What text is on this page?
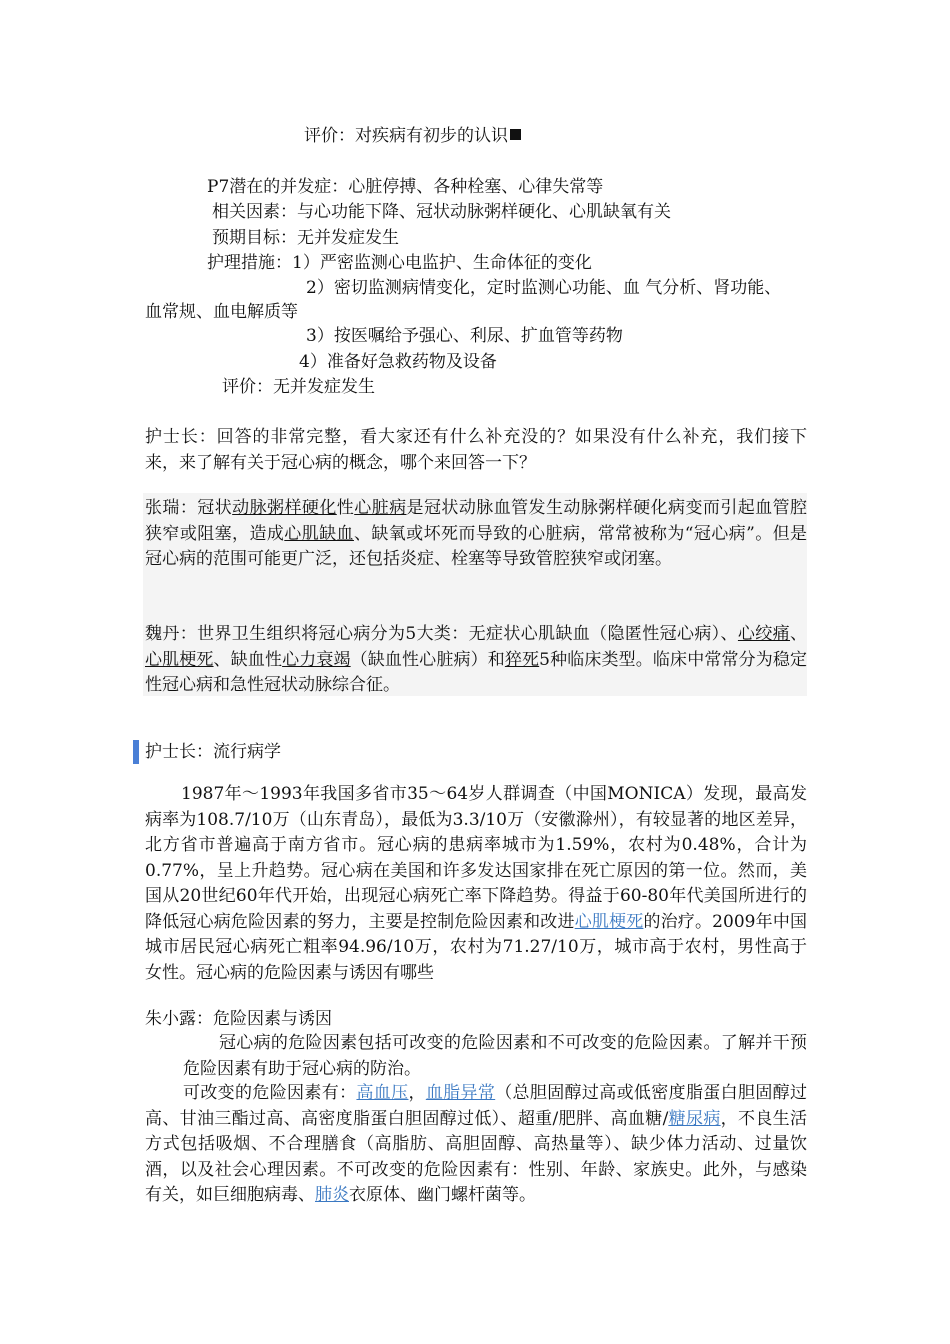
评价：对疾病有初步的认识
P7潜在的并发症：心脏停搏、各种栓塞、心律失常等
相关因素：与心功能下降、冠状动脉粥样硬化、心肌缺氧有关
预期目标：无并发症发生
护理措施：1）严密监测心电监护、生命体征的变化
2）密切监测病情变化，定时监测心功能、血 气分析、肾功能、
血常规、血电解质等
3）按医嘱给予强心、利尿、扩血管等药物
4）准备好急救药物及设备
评价：无并发症发生
护士长：回答的非常完整，看大家还有什么补充没的？如果没有什么补充，我们接下来，来了解有关于冠心病的概念，哪个来回答一下？
张瑞：冠状动脉粥样硬化性心脏病是冠状动脉血管发生动脉粥样硬化病变而引起血管腔狭窄或阻塞，造成心肌缺血、缺氧或坏死而导致的心脏病，常常被称为“冠心病”。但是冠心病的范围可能更广泛，还包括炎症、栓塞等导致管腔狭窄或闭塞。
魏丹：世界卫生组织将冠心病分为5大类：无症状心肌缺血（隐匿性冠心病）、心绞痛、心肌梗死、缺血性心力衰竭（缺血性心脏病）和猝死5种临床类型。临床中常常分为稳定性冠心病和急性冠状动脉综合征。
护士长：流行病学
1987年～1993年我国多省市35～64岁人群调查（中国MONICA）发现，最高发病率为108.7/10万（山东青岛），最低为3.3/10万（安徽滁州），有较显著的地区差异，北方省市普遍高于南方省市。冠心病的患病率城市为1.59%，农村为0.48%，合计为0.77%，呈上升趋势。冠心病在美国和许多发达国家排在死亡原因的第一位。然而，美国从20世纪60年代开始，出现冠心病死亡率下降趋势。得益于60-80年代美国所进行的降低冠心病危险因素的努力，主要是控制危险因素和改进心肌梗死的治疗。2009年中国城市居民冠心病死亡粗率94.96/10万，农村为71.27/10万，城市高于农村，男性高于女性。冠心病的危险因素与诱因有哪些
朱小露：危险因素与诱因
冠心病的危险因素包括可改变的危险因素和不可改变的危险因素。了解并干预危险因素有助于冠心病的防治。
可改变的危险因素有：高血压，血脂异常（总胆固醇过高或低密度脂蛋白胆固醇过高、甘油三酯过高、高密度脂蛋白胆固醇过低）、超重/肥胖、高血糖/糖尿病，不良生活方式包括吸烟、不合理膳食（高脂肪、高胆固醇、高热量等）、缺少体力活动、过量饮酒，以及社会心理因素。不可改变的危险因素有：性别、年龄、家族史。此外，与感染有关，如巨细胞病毒、肺炎衣原体、幽门螺杆菌等。
